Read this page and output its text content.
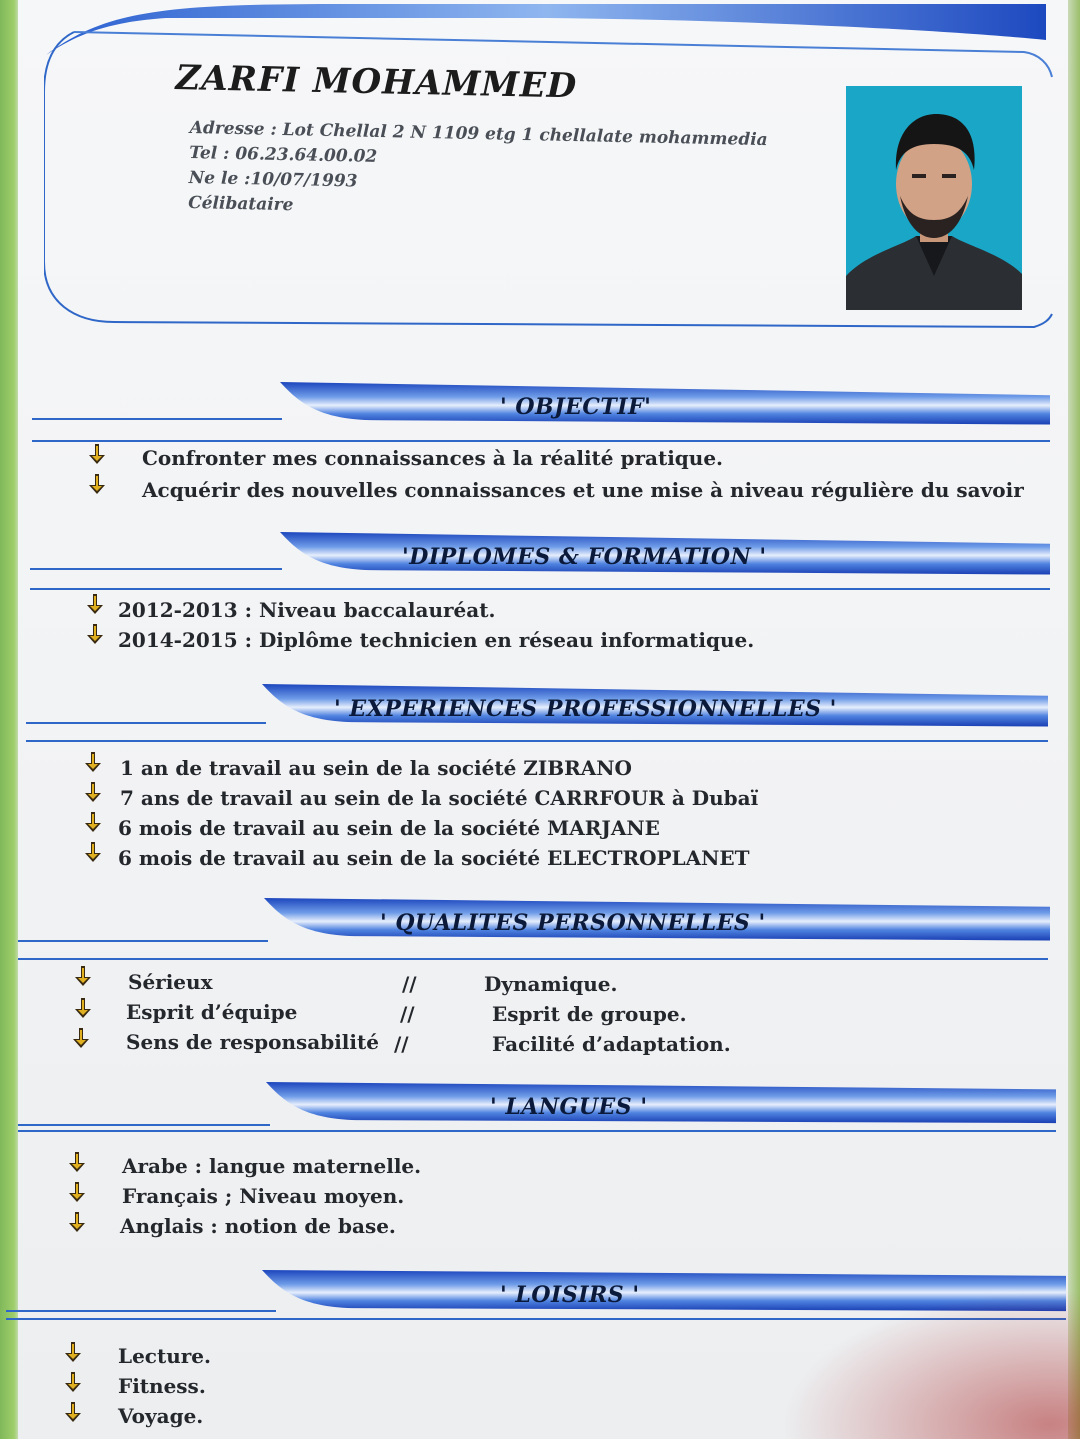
ZARFI MOHAMMED
Adresse : Lot Chellal 2 N 1109 etg 1 chellalate mohammedia
Tel : 06.23.64.00.02
Ne le :10/07/1993
Célibataire
' OBJECTIF'
Confronter mes connaissances à la réalité pratique.
Acquérir des nouvelles connaissances et une mise à niveau régulière du savoir
'DIPLOMES & FORMATION '
2012-2013 : Niveau baccalauréat.
2014-2015 : Diplôme technicien en réseau informatique.
' EXPERIENCES PROFESSIONNELLES '
1 an de travail au sein de la société ZIBRANO
7 ans de travail au sein de la société CARRFOUR à Dubaï
6 mois de travail au sein de la société MARJANE
6 mois de travail au sein de la société ELECTROPLANET
' QUALITES PERSONNELLES '
Sérieux	//	Dynamique.
Esprit d’équipe	//	Esprit de groupe.
Sens de responsabilité //	Facilité d’adaptation.
' LANGUES '
Arabe : langue maternelle.
Français ; Niveau moyen.
Anglais : notion de base.
' LOISIRS '
Lecture.
Fitness.
Voyage.
